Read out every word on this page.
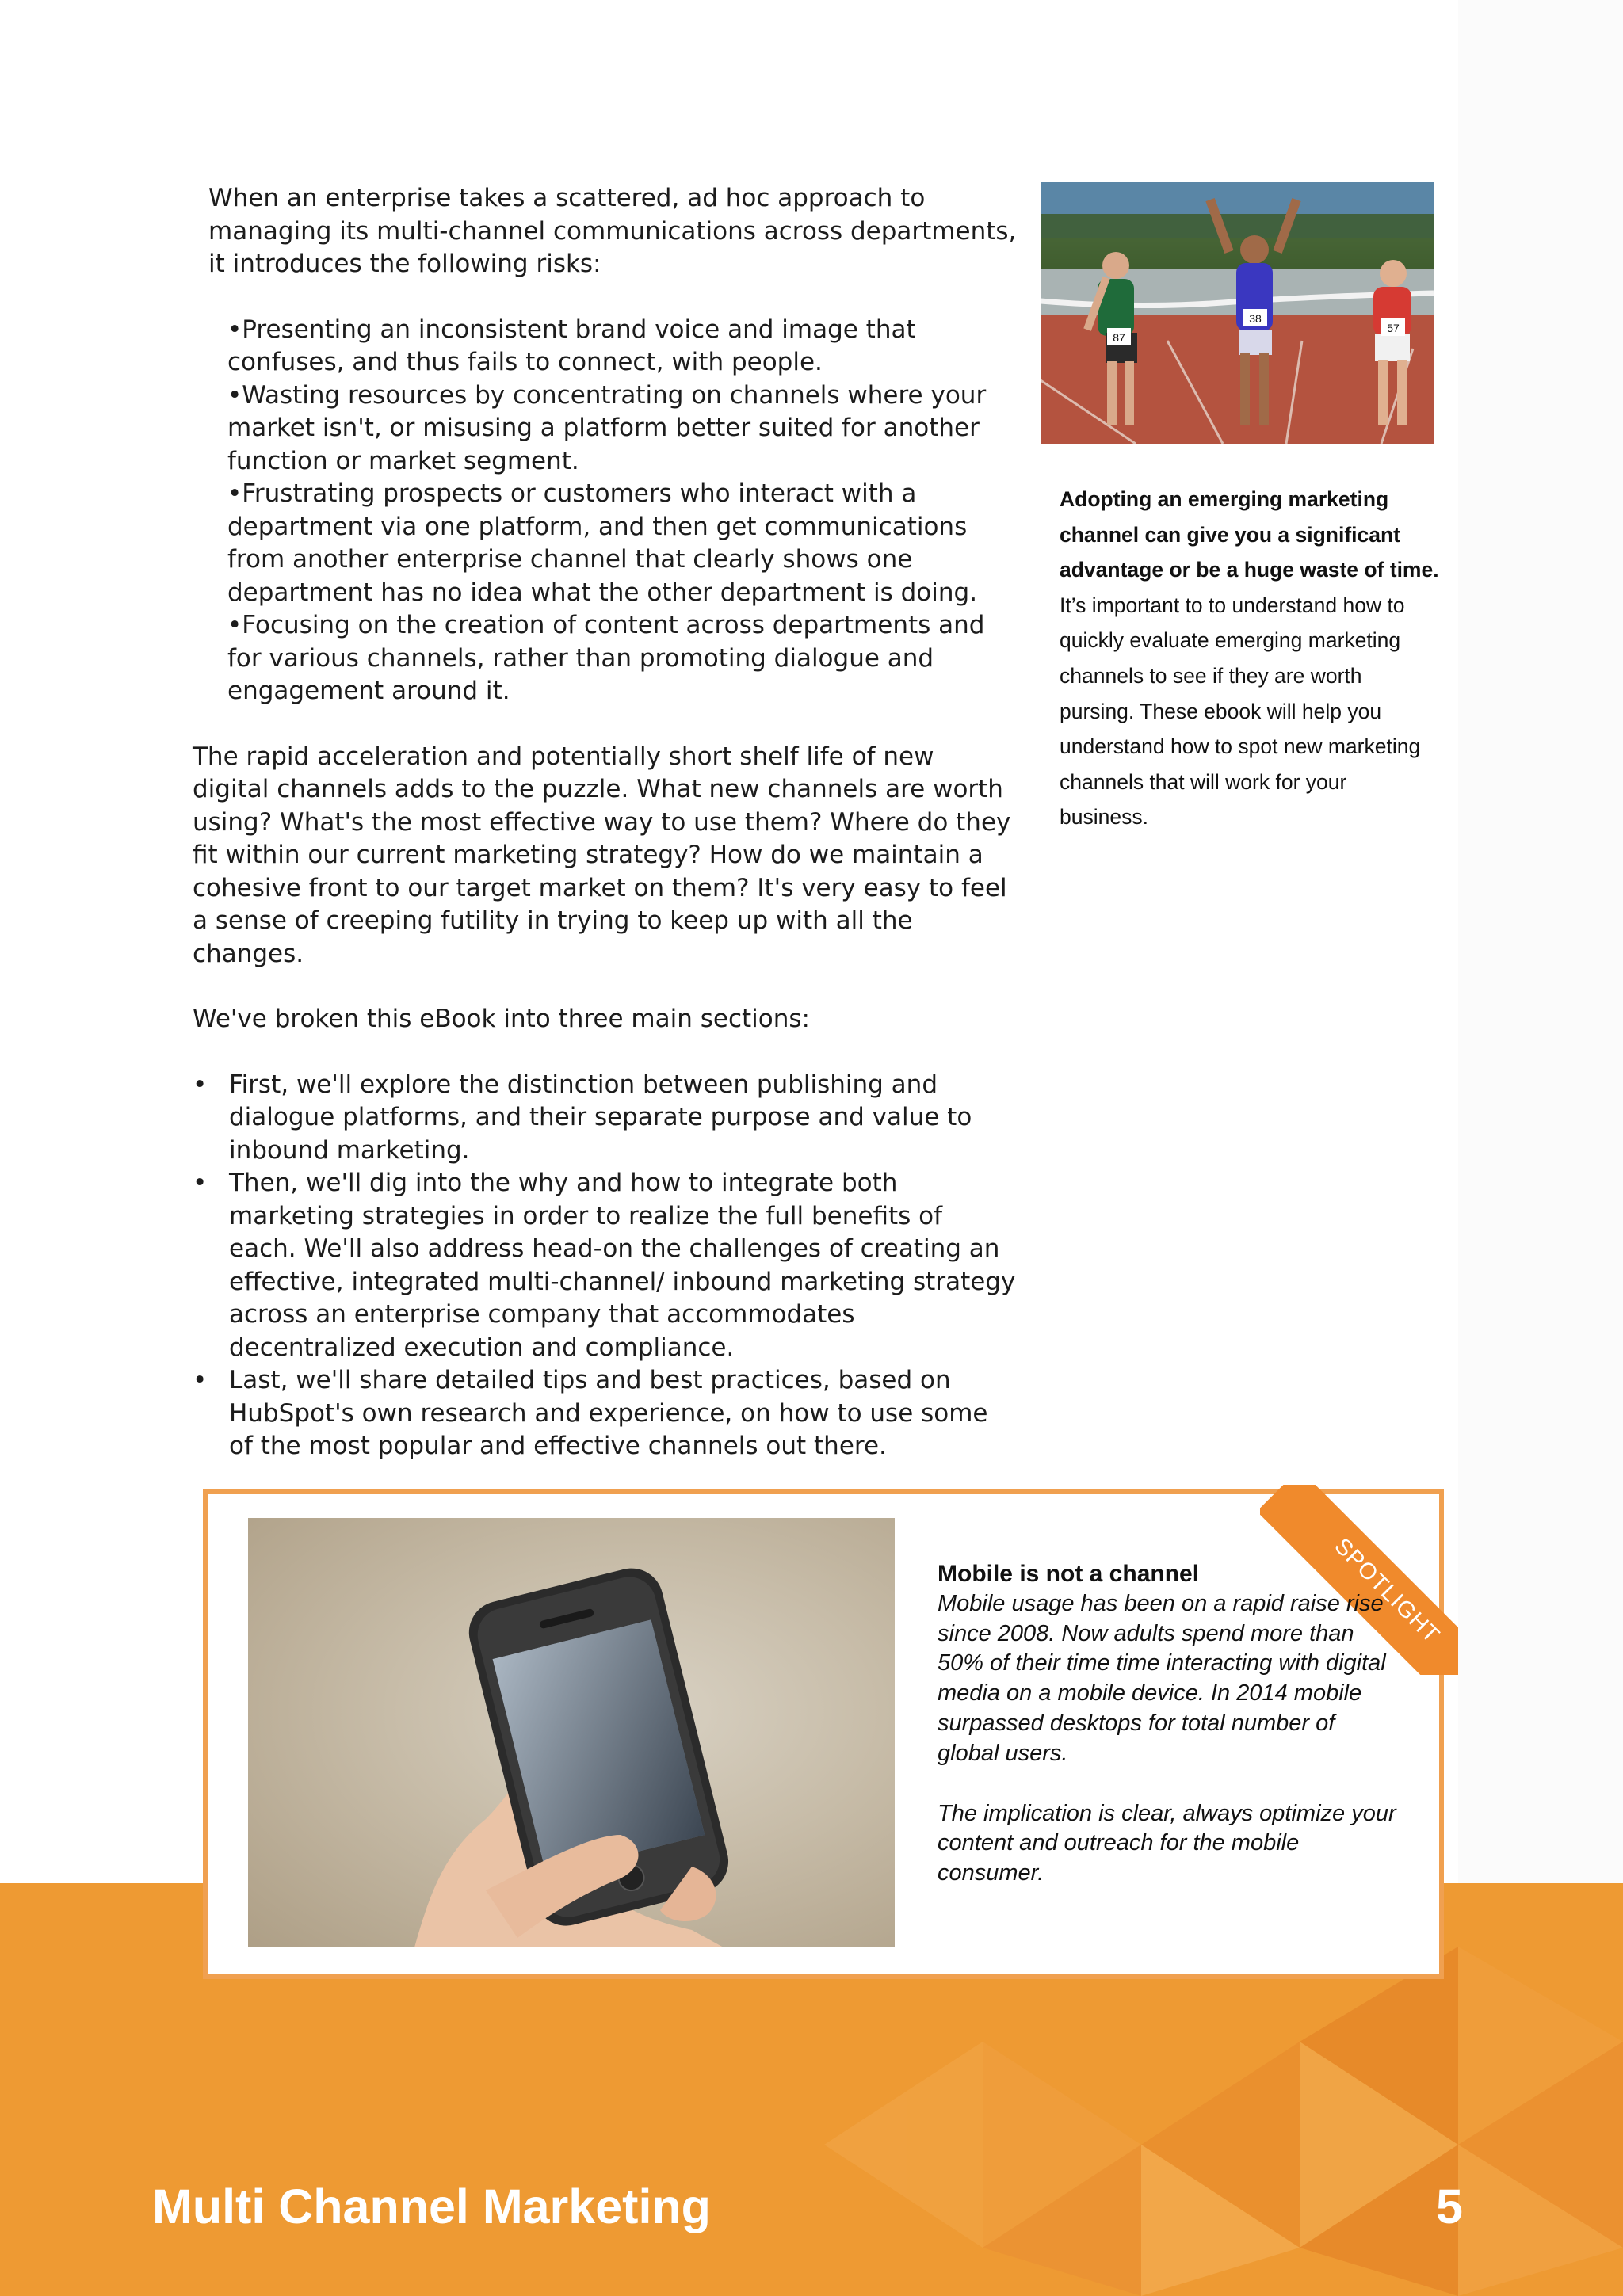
When an enterprise takes a scattered, ad hoc approach to managing its multi-channel communications across departments, it introduces the following risks:

•Presenting an inconsistent brand voice and image that confuses, and thus fails to connect, with people.
•Wasting resources by concentrating on channels where your market isn't, or misusing a platform better suited for another function or market segment.
•Frustrating prospects or customers who interact with a department via one platform, and then get communications from another enterprise channel that clearly shows one department has no idea what the other department is doing.
•Focusing on the creation of content across departments and for various channels, rather than promoting dialogue and engagement around it.

The rapid acceleration and potentially short shelf life of new digital channels adds to the puzzle. What new channels are worth using? What's the most effective way to use them? Where do they fit within our current marketing strategy? How do we maintain a cohesive front to our target market on them? It's very easy to feel a sense of creeping futility in trying to keep up with all the changes.

We've broken this eBook into three main sections:

• First, we'll explore the distinction between publishing and dialogue platforms, and their separate purpose and value to inbound marketing.
• Then, we'll dig into the why and how to integrate both marketing strategies in order to realize the full benefits of each. We'll also address head-on the challenges of creating an effective, integrated multi-channel/ inbound marketing strategy across an enterprise company that accommodates decentralized execution and compliance.
• Last, we'll share detailed tips and best practices, based on HubSpot's own research and experience, on how to use some of the most popular and effective channels out there.
87
38
57

Adopting an emerging marketing channel can give you a significant advantage or be a huge waste of time.

It’s important to to understand how to quickly evaluate emerging marketing channels to see if they are worth pursing. These ebook will help you understand how to spot new marketing channels that will work for your business.

Multi Channel Marketing	5
SPOTLIGHT

Mobile is not a channel

Mobile usage has been on a rapid raise rise since 2008. Now adults spend more than 50% of their time time interacting with digital media on a mobile device. In 2014 mobile surpassed desktops for total number of global users.

The implication is clear, always optimize your content and outreach for the mobile consumer.
